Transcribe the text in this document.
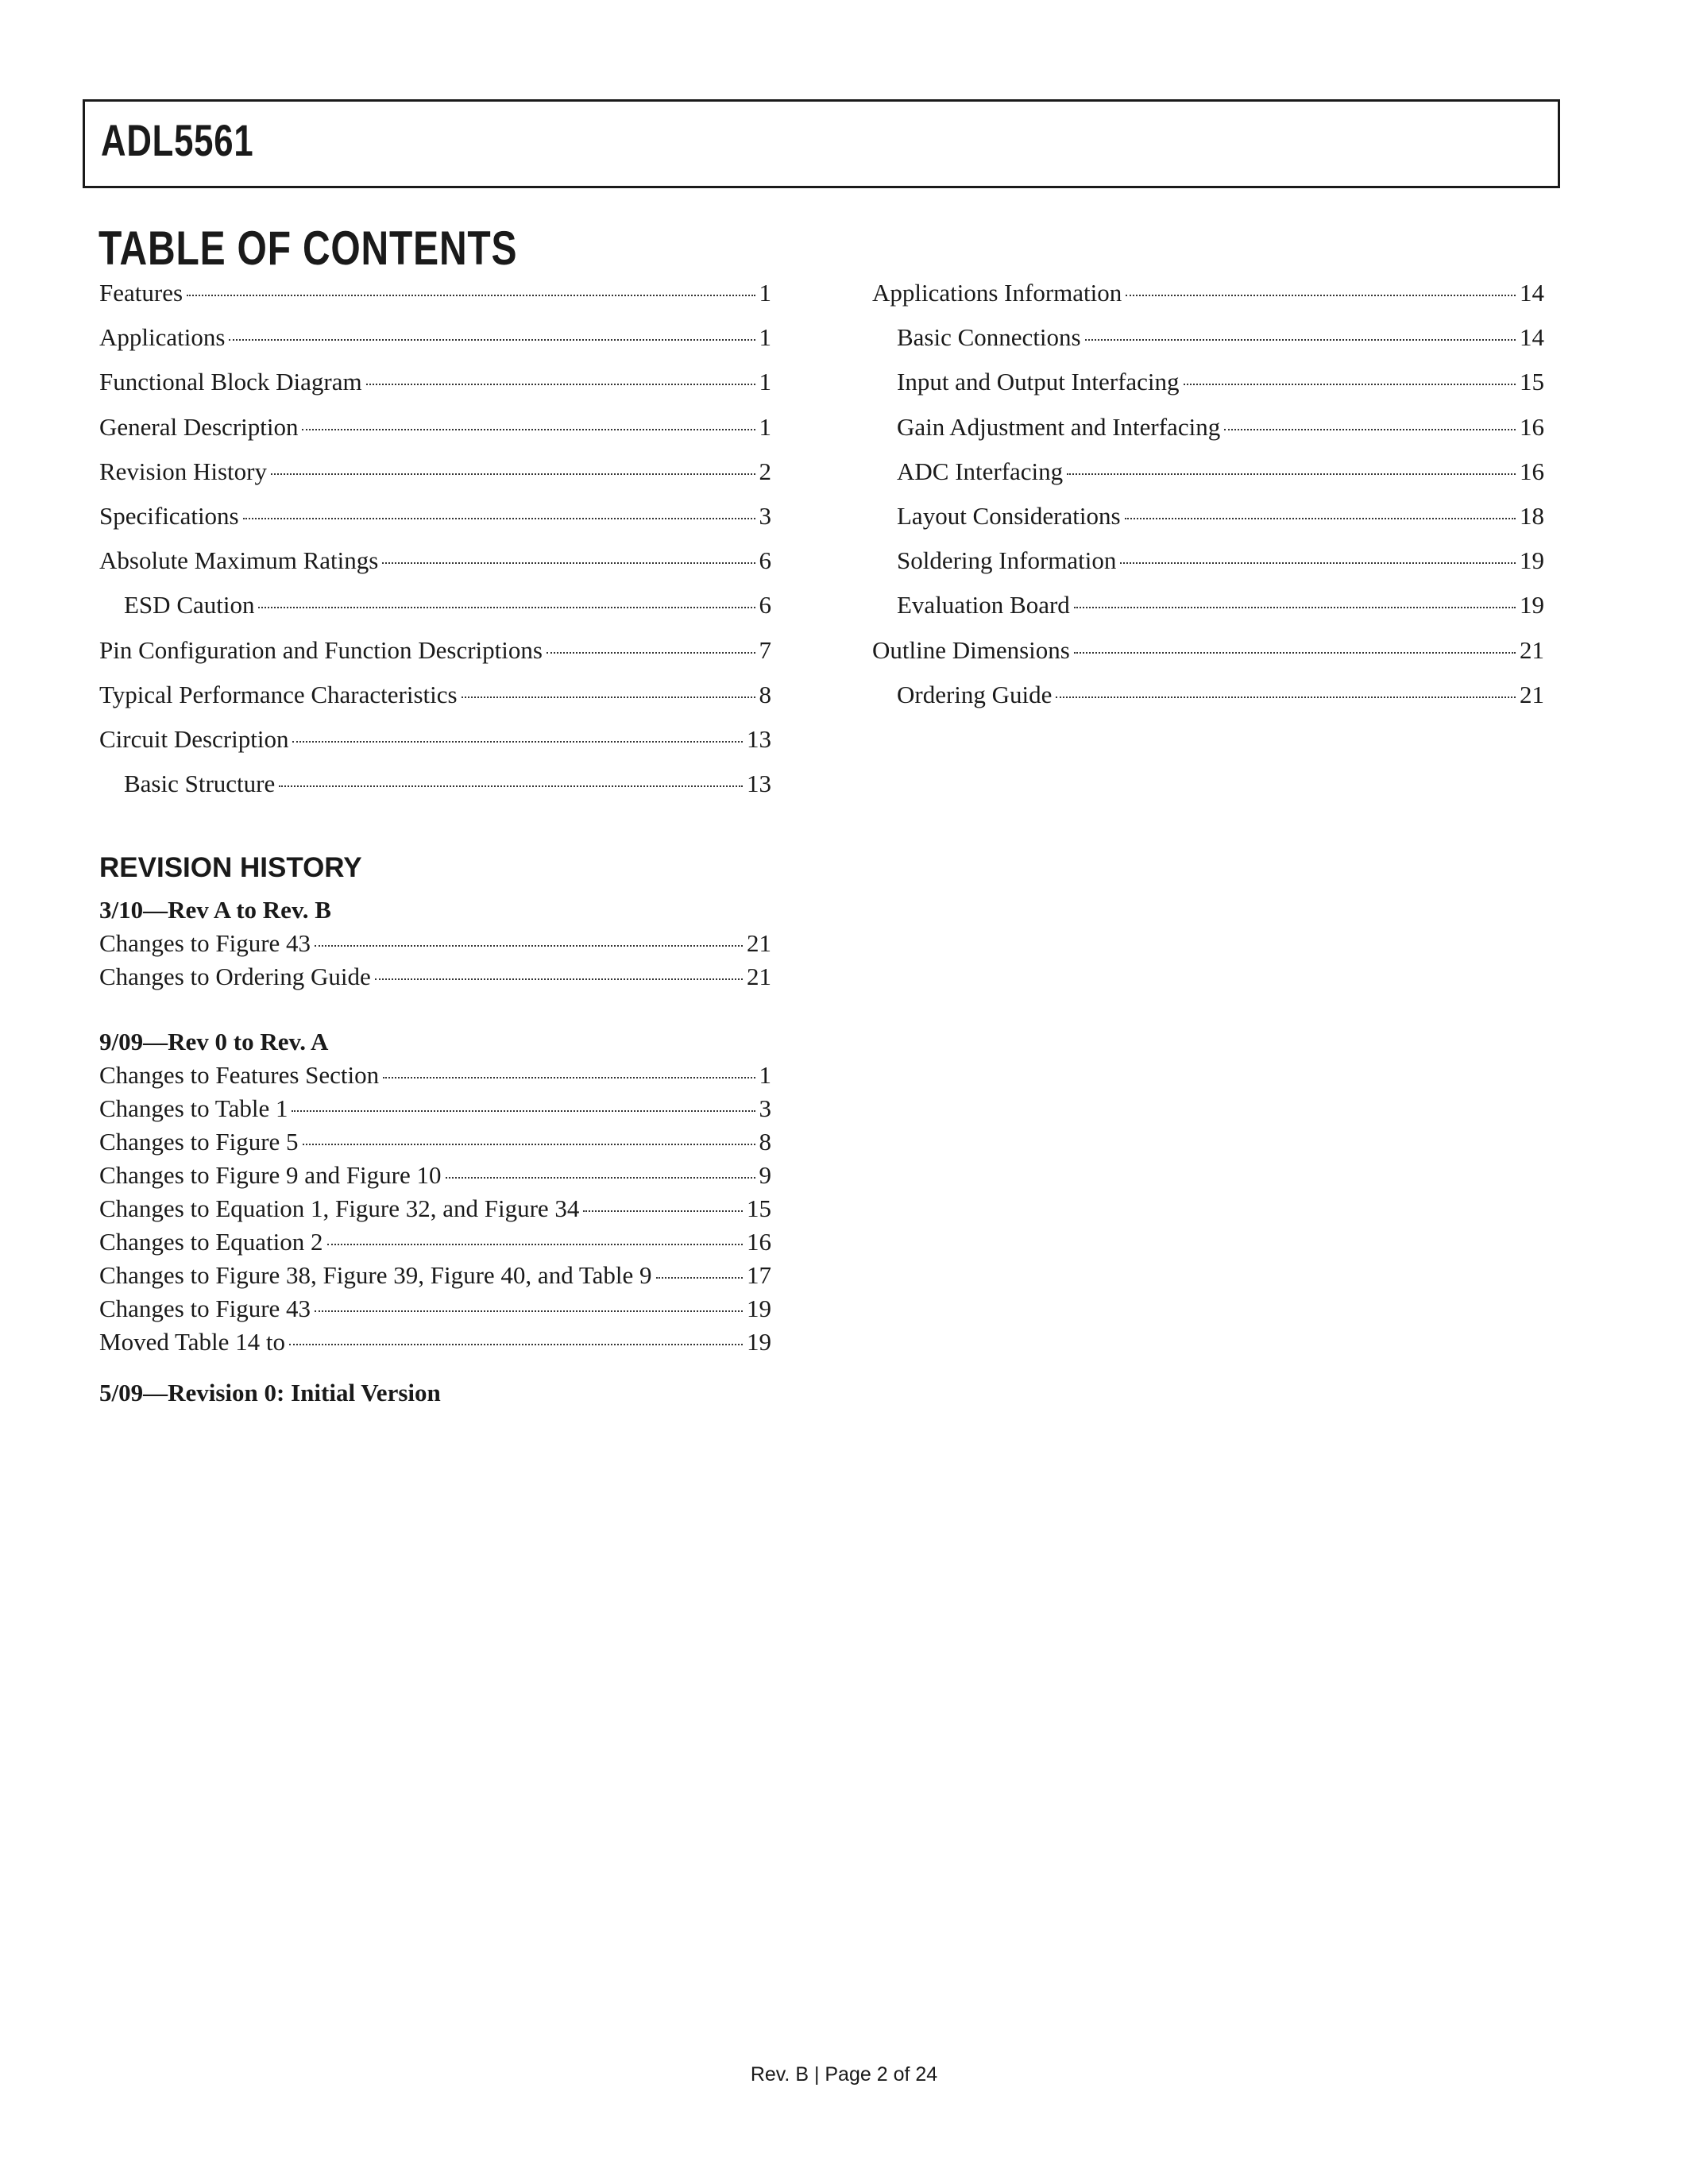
ADL5561
TABLE OF CONTENTS
Features	1
Applications	1
Functional Block Diagram	1
General Description	1
Revision History	2
Specifications	3
Absolute Maximum Ratings	6
ESD Caution	6
Pin Configuration and Function Descriptions	7
Typical Performance Characteristics	8
Circuit Description	13
Basic Structure	13
Applications Information	14
Basic Connections	14
Input and Output Interfacing	15
Gain Adjustment and Interfacing	16
ADC Interfacing	16
Layout Considerations	18
Soldering Information	19
Evaluation Board	19
Outline Dimensions	21
Ordering Guide	21
REVISION HISTORY

3/10—Rev A to Rev. B

Changes to Figure 43	21
Changes to Ordering Guide	21

9/09—Rev 0 to Rev. A

Changes to Features Section	1
Changes to Table 1	3
Changes to Figure 5	8
Changes to Figure 9 and Figure 10	9
Changes to Equation 1, Figure 32, and Figure 34	15
Changes to Equation 2	16
Changes to Figure 38, Figure 39, Figure 40, and Table 9	17
Changes to Figure 43	19
Moved Table 14 to	19

5/09—Revision 0: Initial Version

Rev. B | Page 2 of 24
